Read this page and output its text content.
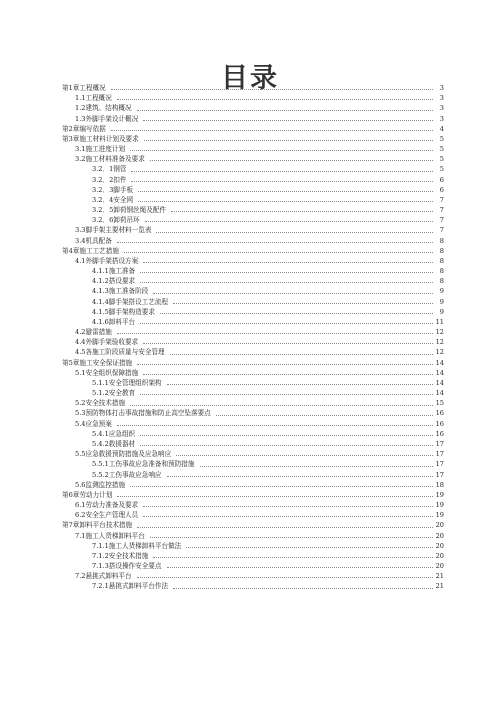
目录
第1章工程概况	3
1.1工程概况	3
1.2建筑、结构概况	3
1.3外脚手架设计概况	3
第2章编写依据	4
第3章施工材料计划及要求	5
3.1施工进度计划	5
3.2施工材料准备及要求	5
3.2．1钢管	5
3.2．2扣件	6
3.2．3脚手板	6
3.2．4安全网	7
3.2．5卸荷钢丝绳及配件	7
3.2．6卸荷吊环	7
3.3脚手架主要材料一览表	7
3.4机具配备	8
第4章施工工艺措施	8
4.1外脚手架搭设方案	8
4.1.1施工准备	8
4.1.2搭设要求	8
4.1.3施工准备阶段	9
4.1.4脚手架搭设工艺流程	9
4.1.5脚手架构造要求	9
4.1.6卸料平台	11
4.2避雷措施	12
4.4外脚手架验收要求	12
4.5各施工阶段质量与安全管理	12
第5章施工安全保证措施	14
5.1安全组织保障措施	14
5.1.1安全管理组织架构	14
5.1.2安全教育	14
5.2安全技术措施	15
5.3预防物体打击事故措施和防止高空坠落要点	16
5.4应急预案	16
5.4.1应急组织	16
5.4.2救援器材	17
5.5应急救援预防措施及应急响应	17
5.5.1工伤事故应急准备和预防措施	17
5.5.2工伤事故应急响应	17
5.6监测监控措施	18
第6章劳动力计划	19
6.1劳动力准备及要求	19
6.2安全生产管理人员	19
第7章卸料平台技术措施	20
7.1施工人货梯卸料平台	20
7.1.1施工人货梯卸料平台做法	20
7.1.2安全技术措施	20
7.1.3搭设操作安全要点	20
7.2悬挑式卸料平台	21
7.2.1悬挑式卸料平台作法	21
